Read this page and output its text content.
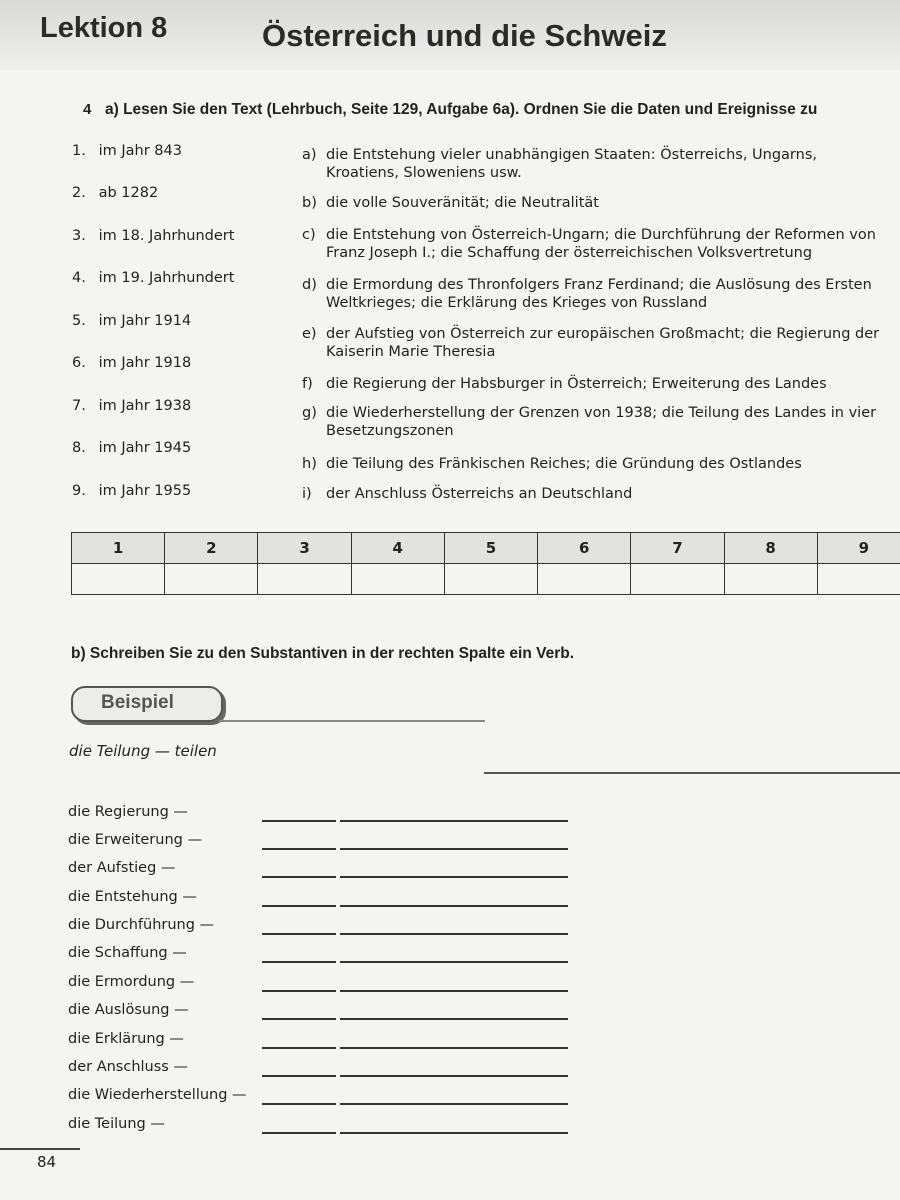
Lektion 8	Österreich und die Schweiz
4 a) Lesen Sie den Text (Lehrbuch, Seite 129, Aufgabe 6a). Ordnen Sie die Daten und Ereignisse zu
1. im Jahr 843
2. ab 1282
3. im 18. Jahrhundert
4. im 19. Jahrhundert
5. im Jahr 1914
6. im Jahr 1918
7. im Jahr 1938
8. im Jahr 1945
9. im Jahr 1955
a) die Entstehung vieler unabhängigen Staaten: Österreichs, Ungarns, Kroatiens, Sloweniens usw.
b) die volle Souveränität; die Neutralität
c) die Entstehung von Österreich-Ungarn; die Durchführung der Reformen von Franz Joseph I.; die Schaffung der österreichischen Volksvertretung
d) die Ermordung des Thronfolgers Franz Ferdinand; die Auslösung des Ersten Weltkrieges; die Erklärung des Krieges von Russland
e) der Aufstieg von Österreich zur europäischen Großmacht; die Regierung der Kaiserin Marie Theresia
f) die Regierung der Habsburger in Österreich; Erweiterung des Landes
g) die Wiederherstellung der Grenzen von 1938; die Teilung des Landes in vier Besetzungszonen
h) die Teilung des Fränkischen Reiches; die Gründung des Ostlandes
i) der Anschluss Österreichs an Deutschland
1	2	3	4	5	6	7	8	9

b) Schreiben Sie zu den Substantiven in der rechten Spalte ein Verb.
Beispiel
die Teilung — teilen
die Regierung —
die Erweiterung —
der Aufstieg —
die Entstehung —
die Durchführung —
die Schaffung —
die Ermordung —
die Auslösung —
die Erklärung —
der Anschluss —
die Wiederherstellung —
die Teilung —
84
